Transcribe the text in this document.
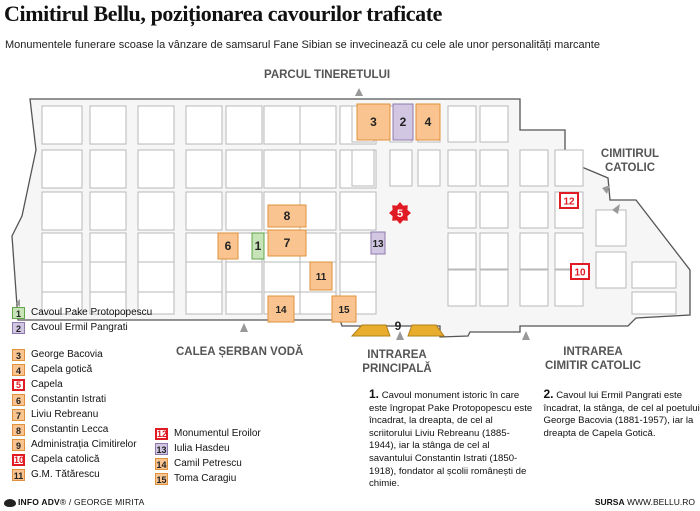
Cimitirul Bellu, poziționarea cavourilor traficate
Monumentele funerare scoase la vânzare de samsarul Fane Sibian se invecinează cu cele ale unor personalități marcante
1
2
3	4
5
6	7
8
9
10
11
12
13
14	15
PARCUL TINERETULUI
CIMITIRUL
CATOLIC
CALEA ȘERBAN VODĂ	INTRAREA
PRINCIPALĂ
INTRAREA
CIMITIR CATOLIC
1	Cavoul Pake Protopopescu
2	Cavoul Ermil Pangrati
3	George Bacovia
4	Capela gotică
5	Capela
6	Constantin Istrati
7	Liviu Rebreanu
8	Constantin Lecca
9	Administrația Cimitirelor
10 Capela catolică
11 G.M. Tătărescu
12 Monumentul Eroilor
13 Iulia Hasdeu
14 Camil Petrescu
15 Toma Caragiu
1. Cavoul monument istoric în care este îngropat Pake Protopopescu este încadrat, la dreapta, de cel al scriitorului Liviu Rebreanu (1885-1944), iar la stânga de cel al savantului Constantin Istrati (1850-1918), fondator al școlii românești de chimie.
2. Cavoul lui Ermil Pangrati este încadrat, la stânga, de cel al poetului George Bacovia (1881-1957), iar la dreapta de Capela Gotică.
INFO ADV® / GEORGE MIRITA	SURSA WWW.BELLU.RO
